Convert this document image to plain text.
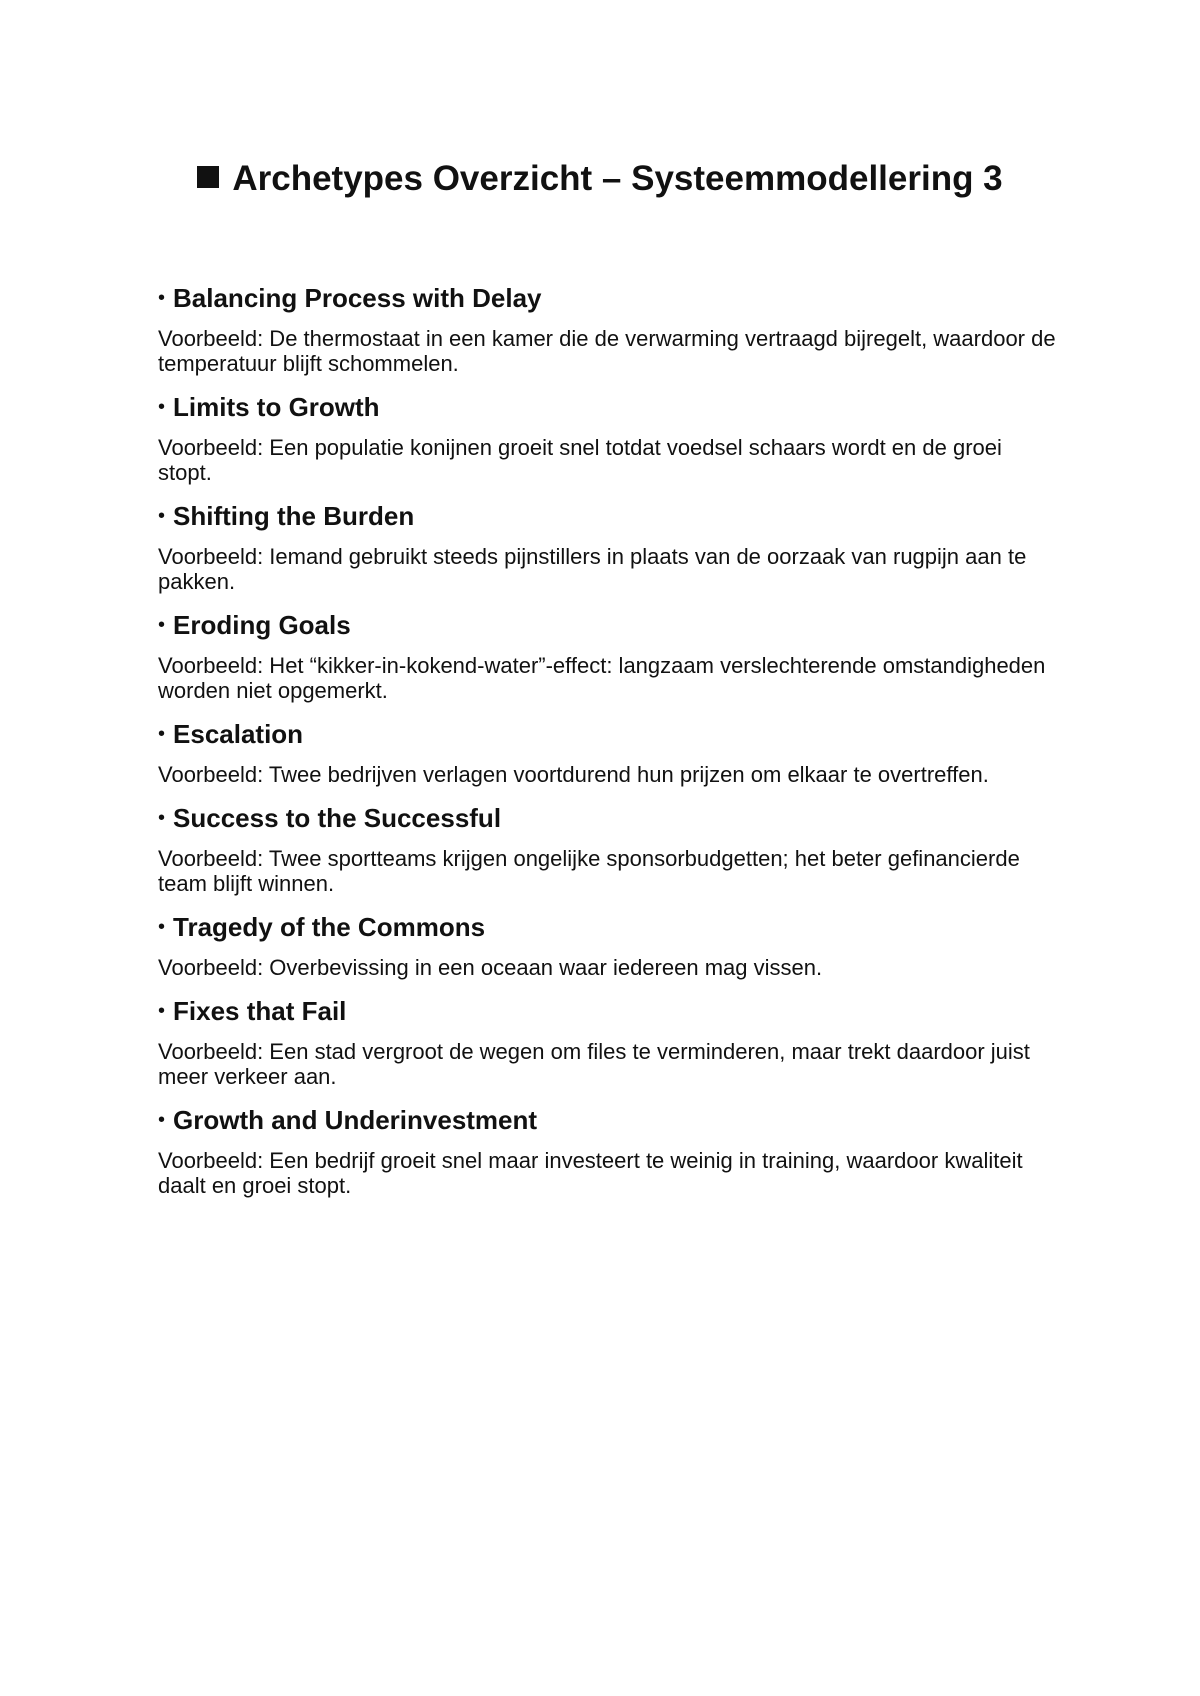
Archetypes Overzicht – Systeemmodellering 3
• Balancing Process with Delay

Voorbeeld: De thermostaat in een kamer die de verwarming vertraagd bijregelt, waardoor de temperatuur blijft schommelen.

• Limits to Growth

Voorbeeld: Een populatie konijnen groeit snel totdat voedsel schaars wordt en de groei stopt.

• Shifting the Burden

Voorbeeld: Iemand gebruikt steeds pijnstillers in plaats van de oorzaak van rugpijn aan te pakken.

• Eroding Goals

Voorbeeld: Het “kikker-in-kokend-water”-effect: langzaam verslechterende omstandigheden worden niet opgemerkt.

• Escalation

Voorbeeld: Twee bedrijven verlagen voortdurend hun prijzen om elkaar te overtreffen.

• Success to the Successful

Voorbeeld: Twee sportteams krijgen ongelijke sponsorbudgetten; het beter gefinancierde team blijft winnen.

• Tragedy of the Commons

Voorbeeld: Overbevissing in een oceaan waar iedereen mag vissen.

• Fixes that Fail

Voorbeeld: Een stad vergroot de wegen om files te verminderen, maar trekt daardoor juist meer verkeer aan.

• Growth and Underinvestment

Voorbeeld: Een bedrijf groeit snel maar investeert te weinig in training, waardoor kwaliteit daalt en groei stopt.
